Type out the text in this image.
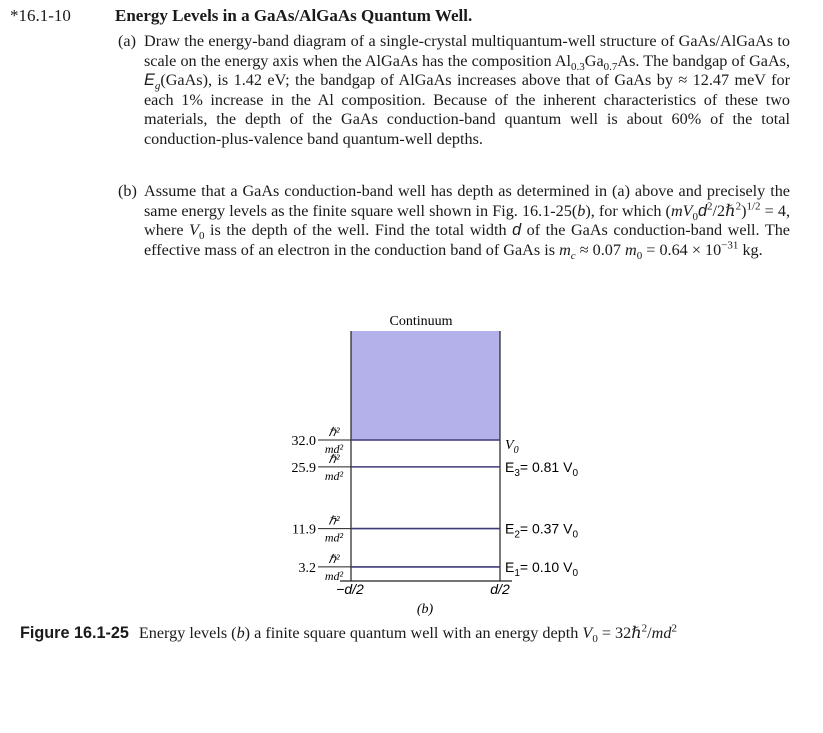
*16.1-10	Energy Levels in a GaAs/AlGaAs Quantum Well.
(a) Draw the energy-band diagram of a single-crystal multiquantum-well structure of GaAs/AlGaAs to scale on the energy axis when the AlGaAs has the composition $Al_{0.3}Ga_{0.7}As$. The bandgap of GaAs, $E_g(GaAs)$, is 1.42 eV; the bandgap of AlGaAs increases above that of GaAs by ≈ 12.47 meV for each 1% increase in the Al composition. Because of the inherent characteristics of these two materials, the depth of the GaAs conduction-band quantum well is about 60% of the total conduction-plus-valence band quantum-well depths.
(b) Assume that a GaAs conduction-band well has depth as determined in (a) above and precisely the same energy levels as the finite square well shown in Fig. 16.1-25(b), for which $(mV_0d^2/2\hbar^2)^{1/2} = 4$, where $V_0$ is the depth of the well. Find the total width d of the GaAs conduction-band well. The effective mass of an electron in the conduction band of GaAs is $m_c \approx 0.07$ $m_0 = 0.64 \times 10^{-31}$ kg.
Continuum
32.0
ℏ²
md²	$V_0$
25.9
ℏ²
md²
$E_3= 0.81$ $V_0$
11.9
ℏ²
md²
$E_2= 0.37$ $V_0$
3.2
ℏ²
md²
$E_1= 0.10$ $V_0$
−d/2	d/2
(b)
Figure 16.1-25 Energy levels (b) a finite square quantum well with an energy depth $V_0$ = $32\hbar^2/md^2$
